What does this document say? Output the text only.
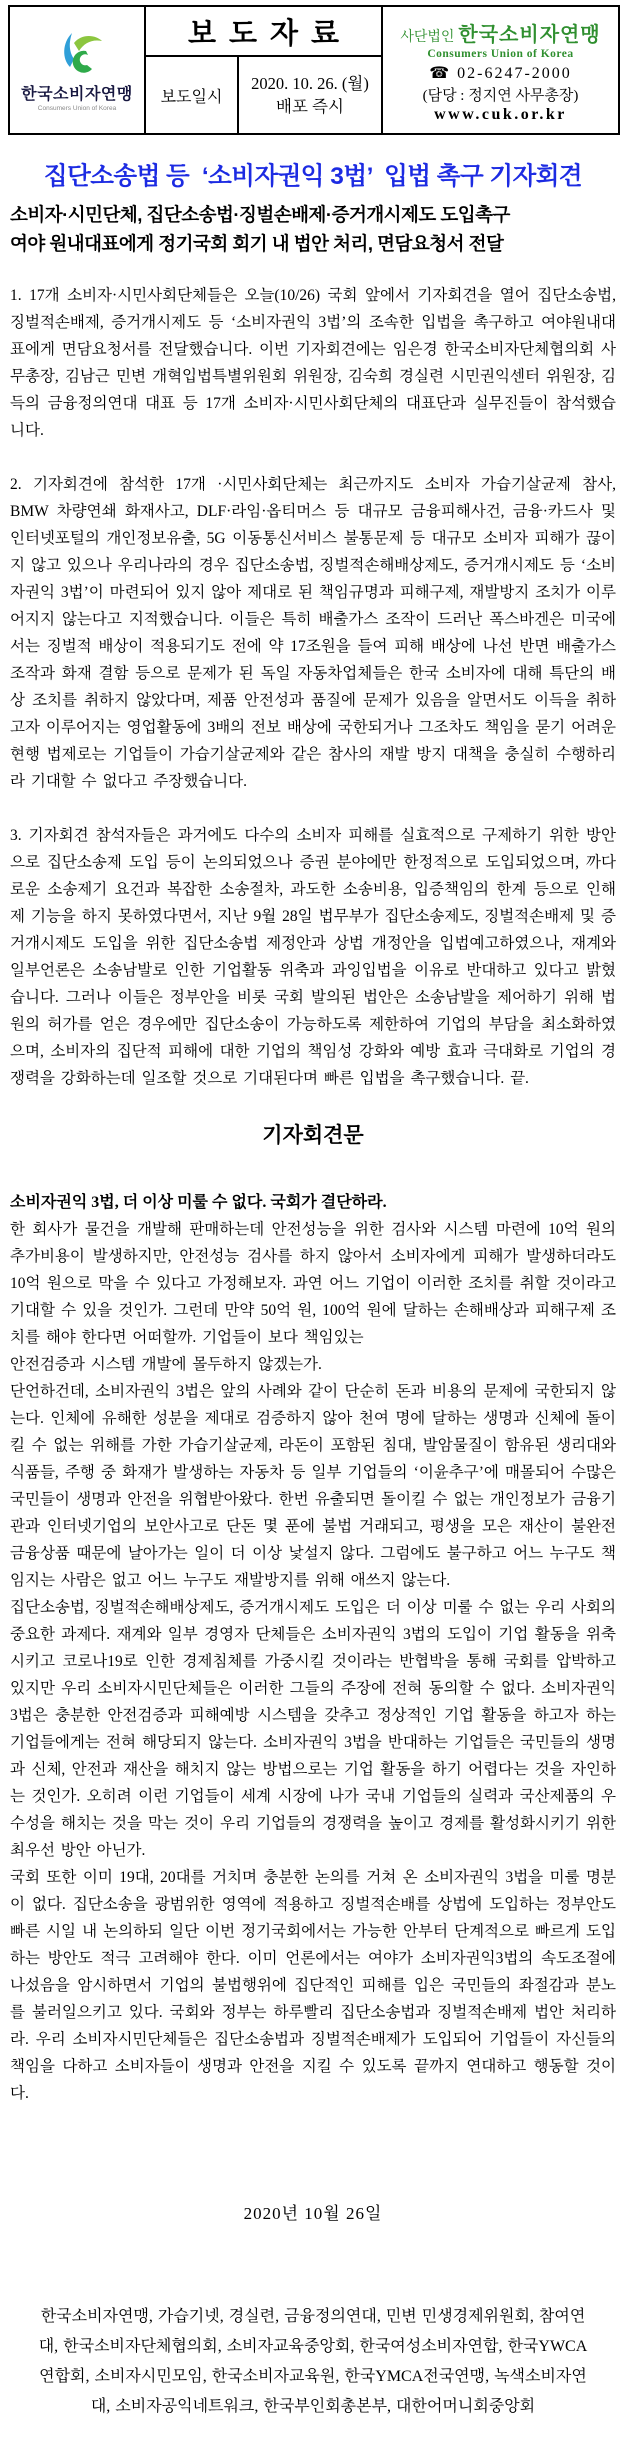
한국소비자연맹
Consumers Union of Korea
	보도자료	사단법인 한국소비자연맹
Consumers Union of Korea
☎ 02-6247-2000
(담당 : 정지연 사무총장)
www.cuk.or.kr

	보도일시	2020. 10. 26. (월)
배포 즉시	
집단소송법 등  ‘소비자권익 3법’  입법 촉구 기자회견
소비자·시민단체, 집단소송법·징벌손배제·증거개시제도 도입촉구
여야 원내대표에게 정기국회 회기 내 법안 처리, 면담요청서 전달

1. 17개 소비자·시민사회단체들은 오늘(10/26) 국회 앞에서 기자회견을 열어 집단소송법, 징벌적손배제, 증거개시제도 등 ‘소비자권익 3법’의 조속한 입법을 촉구하고 여야원내대표에게 면담요청서를 전달했습니다. 이번 기자회견에는 임은경 한국소비자단체협의회 사무총장, 김남근 민변 개혁입법특별위원회 위원장, 김숙희 경실련 시민권익센터 위원장, 김득의 금융정의연대 대표 등 17개 소비자·시민사회단체의 대표단과 실무진들이 참석했습니다.

2. 기자회견에 참석한 17개 ·시민사회단체는 최근까지도 소비자 가습기살균제 참사, BMW 차량연쇄 화재사고, DLF·라임·옵티머스 등 대규모 금융피해사건, 금융·카드사 및 인터넷포털의 개인정보유출, 5G 이동통신서비스 불통문제 등 대규모 소비자 피해가 끊이지 않고 있으나 우리나라의 경우 집단소송법, 징벌적손해배상제도, 증거개시제도 등 ‘소비자권익 3법’이 마련되어 있지 않아 제대로 된 책임규명과 피해구제, 재발방지 조치가 이루어지지 않는다고 지적했습니다. 이들은 특히 배출가스 조작이 드러난 폭스바겐은 미국에서는 징벌적 배상이 적용되기도 전에 약 17조원을 들여 피해 배상에 나선 반면 배출가스 조작과 화재 결함 등으로 문제가 된 독일 자동차업체들은 한국 소비자에 대해 특단의 배상 조치를 취하지 않았다며, 제품 안전성과 품질에 문제가 있음을 알면서도 이득을 취하고자 이루어지는 영업활동에 3배의 전보 배상에 국한되거나 그조차도 책임을 묻기 어려운 현행 법제로는 기업들이 가습기살균제와 같은 참사의 재발 방지 대책을 충실히 수행하리라 기대할 수 없다고 주장했습니다.

3. 기자회견 참석자들은 과거에도 다수의 소비자 피해를 실효적으로 구제하기 위한 방안으로 집단소송제 도입 등이 논의되었으나 증권 분야에만 한정적으로 도입되었으며, 까다로운 소송제기 요건과 복잡한 소송절차, 과도한 소송비용, 입증책임의 한계 등으로 인해 제 기능을 하지 못하였다면서, 지난 9월 28일 법무부가 집단소송제도, 징벌적손배제 및 증거개시제도 도입을 위한 집단소송법 제정안과 상법 개정안을 입법예고하였으나, 재계와 일부언론은 소송남발로 인한 기업활동 위축과 과잉입법을 이유로 반대하고 있다고 밝혔습니다. 그러나 이들은 정부안을 비롯 국회 발의된 법안은 소송남발을 제어하기 위해 법원의 허가를 얻은 경우에만 집단소송이 가능하도록 제한하여 기업의 부담을 최소화하였으며, 소비자의 집단적 피해에 대한 기업의 책임성 강화와 예방 효과 극대화로 기업의 경쟁력을 강화하는데 일조할 것으로 기대된다며 빠른 입법을 촉구했습니다. 끝.

기자회견문
소비자권익 3법, 더 이상 미룰 수 없다. 국회가 결단하라.
한 회사가 물건을 개발해 판매하는데 안전성능을 위한 검사와 시스템 마련에 10억 원의 추가비용이 발생하지만, 안전성능 검사를 하지 않아서 소비자에게 피해가 발생하더라도 10억 원으로 막을 수 있다고 가정해보자. 과연 어느 기업이 이러한 조치를 취할 것이라고 기대할 수 있을 것인가. 그런데 만약 50억 원, 100억 원에 달하는 손해배상과 피해구제 조치를 해야 한다면 어떠할까. 기업들이 보다 책임있는
안전검증과 시스템 개발에 몰두하지 않겠는가.
단언하건데, 소비자권익 3법은 앞의 사례와 같이 단순히 돈과 비용의 문제에 국한되지 않는다. 인체에 유해한 성분을 제대로 검증하지 않아 천여 명에 달하는 생명과 신체에 돌이킬 수 없는 위해를 가한 가습기살균제, 라돈이 포함된 침대, 발암물질이 함유된 생리대와 식품들, 주행 중 화재가 발생하는 자동차 등 일부 기업들의 ‘이윤추구’에 매몰되어 수많은 국민들이 생명과 안전을 위협받아왔다. 한번 유출되면 돌이킬 수 없는 개인정보가 금융기관과 인터넷기업의 보안사고로 단돈 몇 푼에 불법 거래되고, 평생을 모은 재산이 불완전 금융상품 때문에 날아가는 일이 더 이상 낯설지 않다. 그럼에도 불구하고 어느 누구도 책임지는 사람은 없고 어느 누구도 재발방지를 위해 애쓰지 않는다.
집단소송법, 징벌적손해배상제도, 증거개시제도 도입은 더 이상 미룰 수 없는 우리 사회의 중요한 과제다. 재계와 일부 경영자 단체들은 소비자권익 3법의 도입이 기업 활동을 위축시키고 코로나19로 인한 경제침체를 가중시킬 것이라는 반협박을 통해 국회를 압박하고 있지만 우리 소비자시민단체들은 이러한 그들의 주장에 전혀 동의할 수 없다. 소비자권익3법은 충분한 안전검증과 피해예방 시스템을 갖추고 정상적인 기업 활동을 하고자 하는 기업들에게는 전혀 해당되지 않는다. 소비자권익 3법을 반대하는 기업들은 국민들의 생명과 신체, 안전과 재산을 해치지 않는 방법으로는 기업 활동을 하기 어렵다는 것을 자인하는 것인가. 오히려 이런 기업들이 세계 시장에 나가 국내 기업들의 실력과 국산제품의 우수성을 해치는 것을 막는 것이 우리 기업들의 경쟁력을 높이고 경제를 활성화시키기 위한 최우선 방안 아닌가.
국회 또한 이미 19대, 20대를 거치며 충분한 논의를 거쳐 온 소비자권익 3법을 미룰 명분이 없다. 집단소송을 광범위한 영역에 적용하고 징벌적손배를 상법에 도입하는 정부안도 빠른 시일 내 논의하되 일단 이번 정기국회에서는 가능한 안부터 단계적으로 빠르게 도입하는 방안도 적극 고려해야 한다. 이미 언론에서는 여야가 소비자권익3법의 속도조절에 나섰음을 암시하면서 기업의 불법행위에 집단적인 피해를 입은 국민들의 좌절감과 분노를 불러일으키고 있다. 국회와 정부는 하루빨리 집단소송법과 징벌적손배제 법안 처리하라. 우리 소비자시민단체들은 집단소송법과 징벌적손배제가 도입되어 기업들이 자신들의 책임을 다하고 소비자들이 생명과 안전을 지킬 수 있도록 끝까지 연대하고 행동할 것이다.
2020년 10월 26일
한국소비자연맹, 가습기넷, 경실련, 금융정의연대, 민변 민생경제위원회, 참여연대, 한국소비자단체협의회, 소비자교육중앙회, 한국여성소비자연합, 한국YWCA연합회, 소비자시민모임, 한국소비자교육원, 한국YMCA전국연맹, 녹색소비자연대, 소비자공익네트워크, 한국부인회총본부, 대한어머니회중앙회
